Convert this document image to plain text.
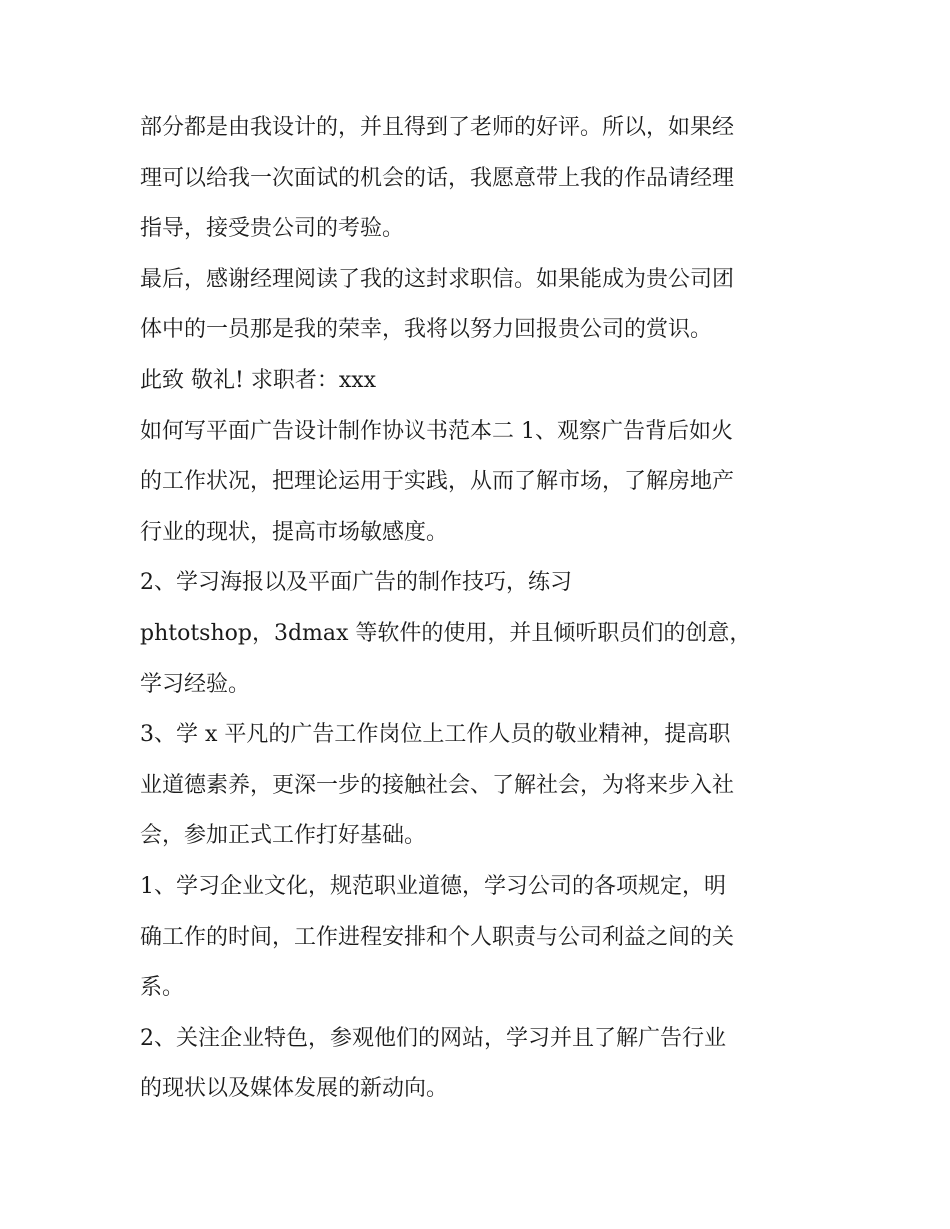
部分都是由我设计的，并且得到了老师的好评。所以，如果经
理可以给我一次面试的机会的话，我愿意带上我的作品请经理
指导，接受贵公司的考验。

最后，感谢经理阅读了我的这封求职信。如果能成为贵公司团
体中的一员那是我的荣幸，我将以努力回报贵公司的赏识。

此致 敬礼! 求职者：xxx

如何写平面广告设计制作协议书范本二 1、观察广告背后如火
的工作状况，把理论运用于实践，从而了解市场，了解房地产
行业的现状，提高市场敏感度。

2、学习海报以及平面广告的制作技巧，练习
phtotshop，3dmax 等软件的使用，并且倾听职员们的创意，
学习经验。

3、学 x 平凡的广告工作岗位上工作人员的敬业精神，提高职
业道德素养，更深一步的接触社会、了解社会，为将来步入社
会，参加正式工作打好基础。

1、学习企业文化，规范职业道德，学习公司的各项规定，明
确工作的时间，工作进程安排和个人职责与公司利益之间的关
系。

2、关注企业特色，参观他们的网站，学习并且了解广告行业
的现状以及媒体发展的新动向。
